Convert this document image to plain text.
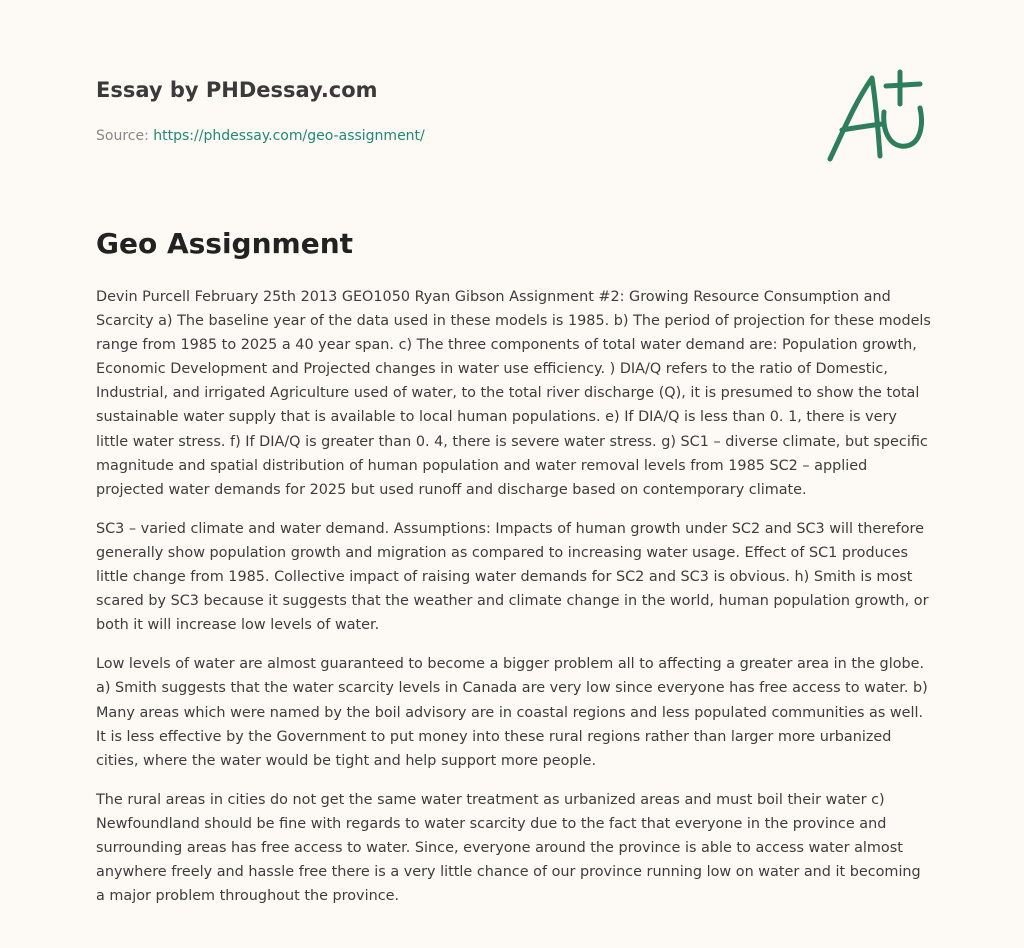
Essay by PHDessay.com
Source: https://phdessay.com/geo-assignment/
Geo Assignment

Devin Purcell February 25th 2013 GEO1050 Ryan Gibson Assignment #2: Growing Resource Consumption and Scarcity a) The baseline year of the data used in these models is 1985. b) The period of projection for these models range from 1985 to 2025 a 40 year span. c) The three components of total water demand are: Population growth, Economic Development and Projected changes in water use efficiency. ) DIA/Q refers to the ratio of Domestic, Industrial, and irrigated Agriculture used of water, to the total river discharge (Q), it is presumed to show the total sustainable water supply that is available to local human populations. e) If DIA/Q is less than 0. 1, there is very little water stress. f) If DIA/Q is greater than 0. 4, there is severe water stress. g) SC1 – diverse climate, but specific magnitude and spatial distribution of human population and water removal levels from 1985 SC2 – applied projected water demands for 2025 but used runoff and discharge based on contemporary climate.

SC3 – varied climate and water demand. Assumptions: Impacts of human growth under SC2 and SC3 will therefore generally show population growth and migration as compared to increasing water usage. Effect of SC1 produces little change from 1985. Collective impact of raising water demands for SC2 and SC3 is obvious. h) Smith is most scared by SC3 because it suggests that the weather and climate change in the world, human population growth, or both it will increase low levels of water.

Low levels of water are almost guaranteed to become a bigger problem all to affecting a greater area in the globe. a) Smith suggests that the water scarcity levels in Canada are very low since everyone has free access to water. b) Many areas which were named by the boil advisory are in coastal regions and less populated communities as well. It is less effective by the Government to put money into these rural regions rather than larger more urbanized cities, where the water would be tight and help support more people.

The rural areas in cities do not get the same water treatment as urbanized areas and must boil their water c) Newfoundland should be fine with regards to water scarcity due to the fact that everyone in the province and surrounding areas has free access to water. Since, everyone around the province is able to access water almost anywhere freely and hassle free there is a very little chance of our province running low on water and it becoming a major problem throughout the province.
